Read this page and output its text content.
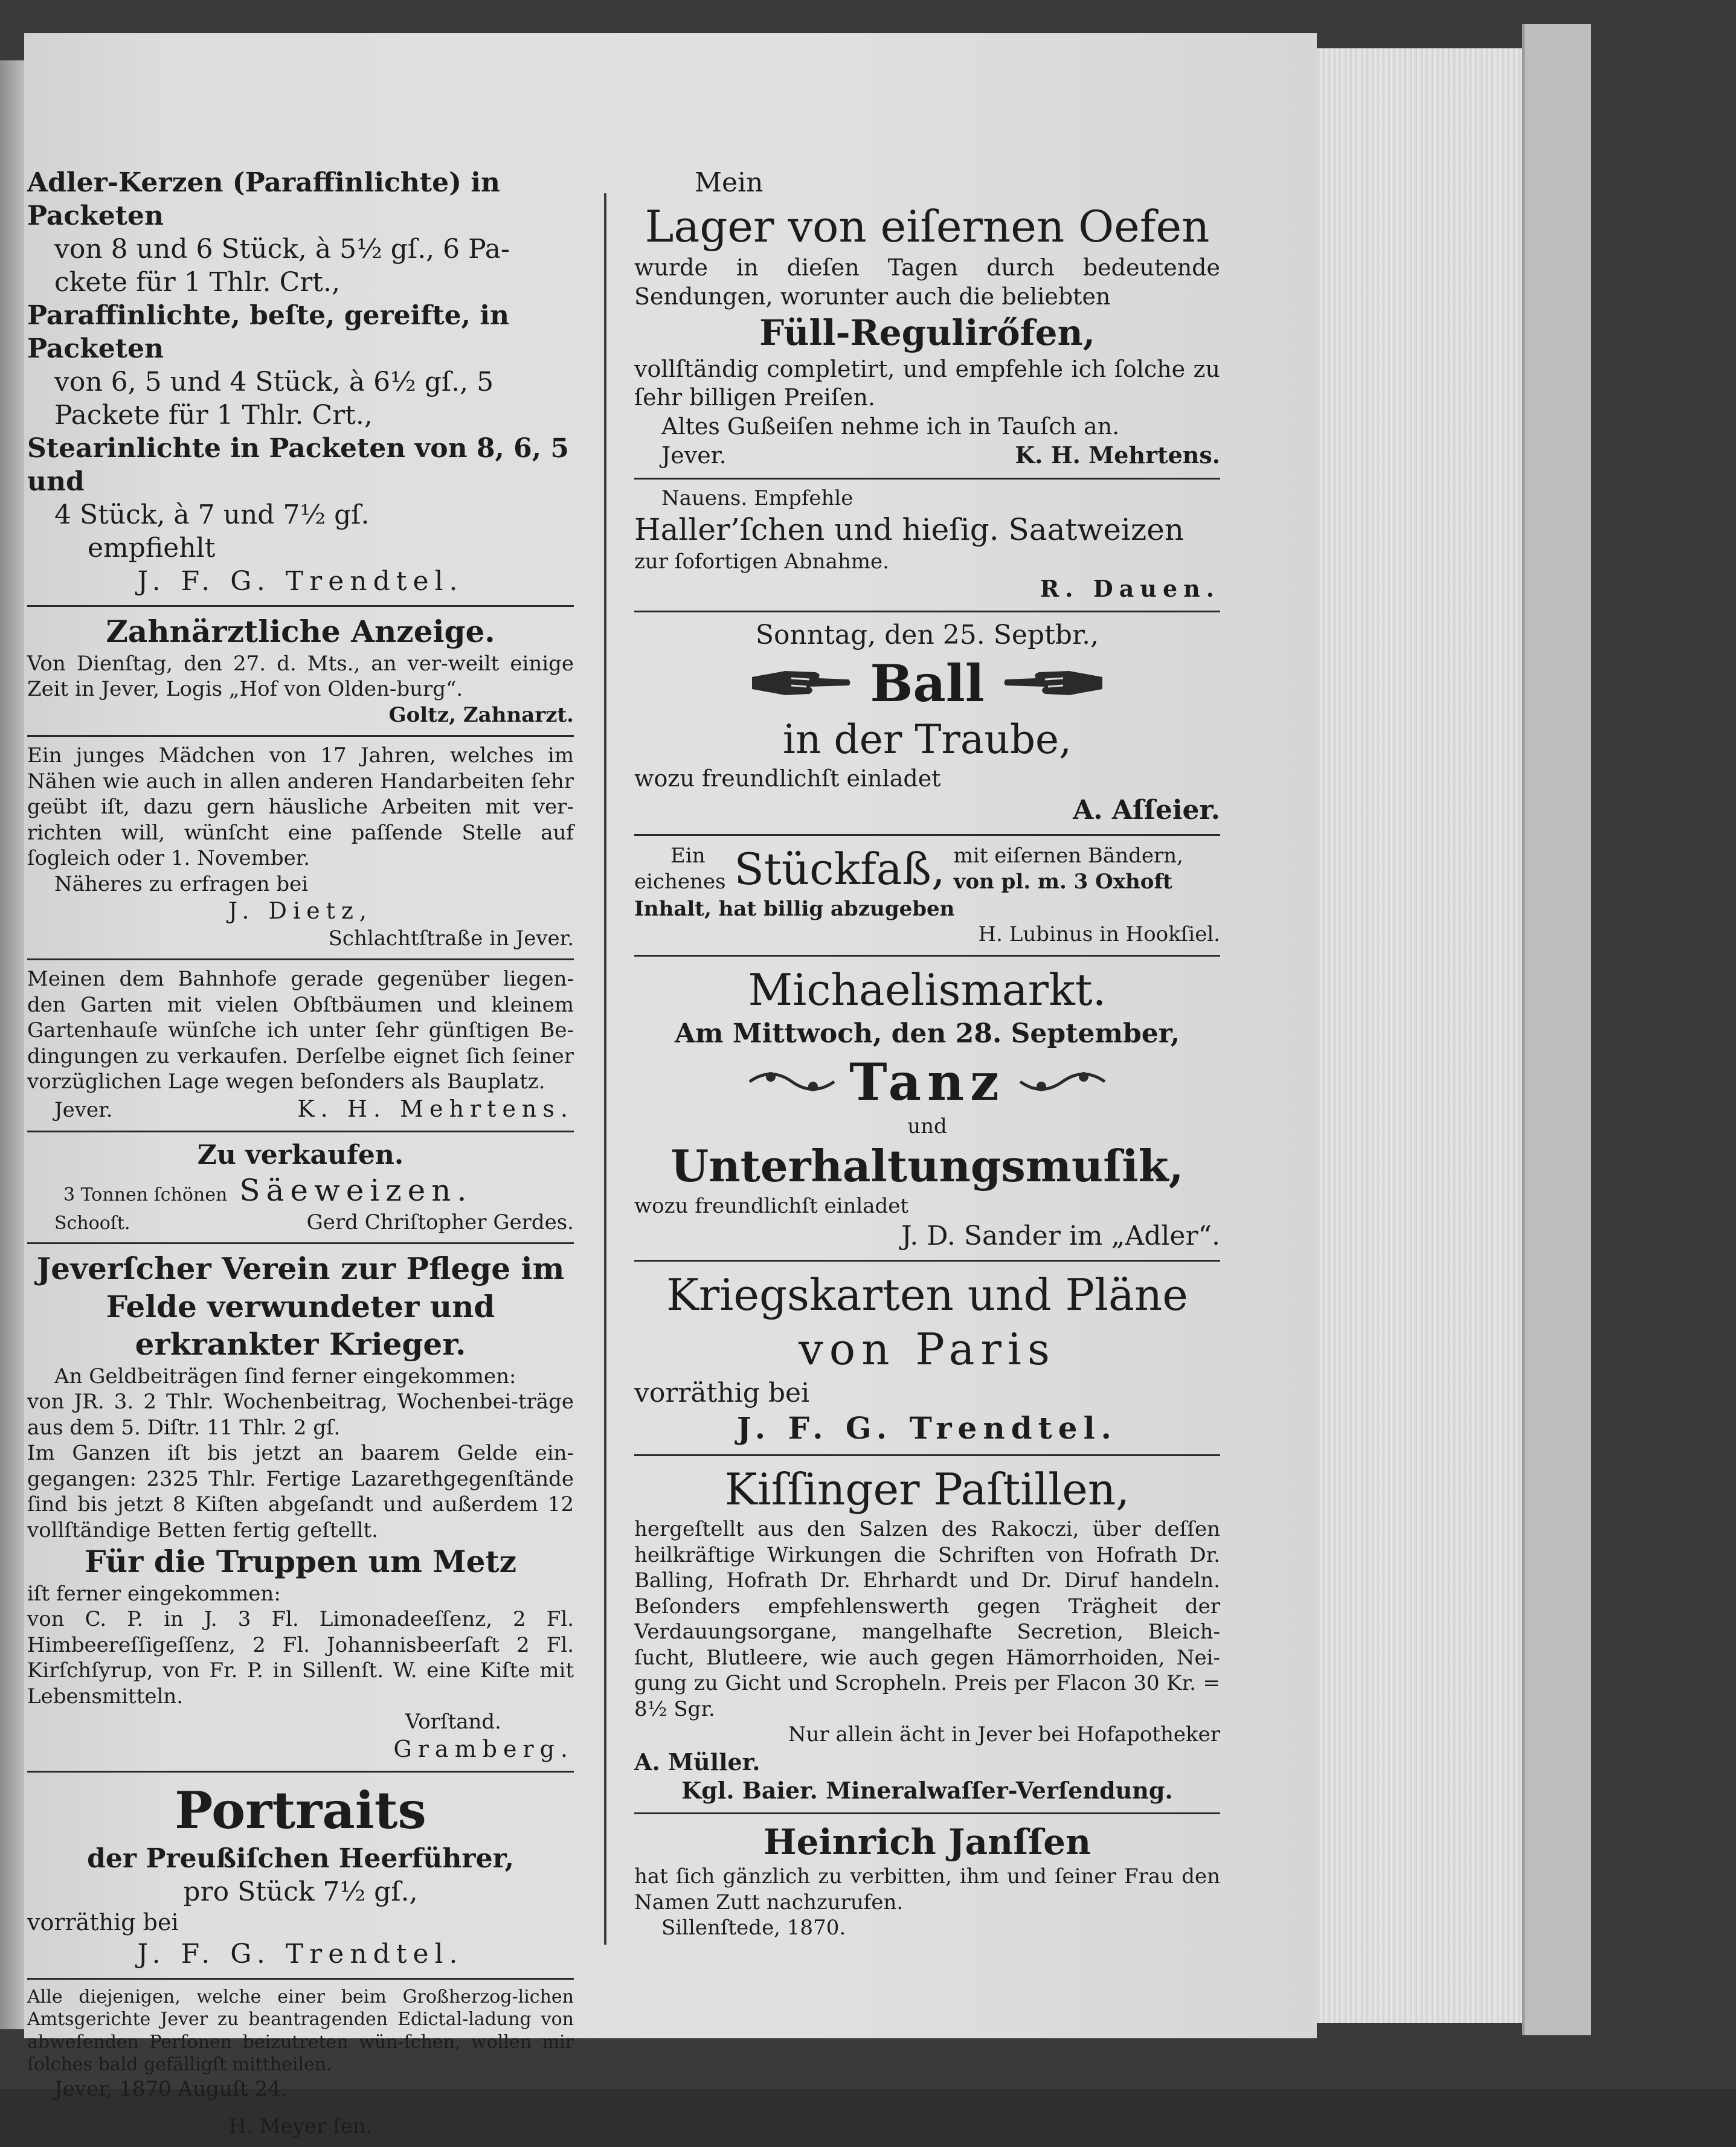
Adler-Kerzen (Paraffinlichte) in Packeten

von 8 und 6 Stück, à 5½ gſ., 6 Pa-

ckete für 1 Thlr. Crt.,

Paraffinlichte, beſte, gereifte, in Packeten

von 6, 5 und 4 Stück, à 6½ gſ., 5

Packete für 1 Thlr. Crt.,

Stearinlichte in Packeten von 8, 6, 5 und

4 Stück, à 7 und 7½ gſ.

empfiehlt

J. F. G. Trendtel.

Zahnärztliche Anzeige.

Von Dienſtag, den 27. d. Mts., an ver-weilt einige Zeit in Jever, Logis „Hof von Olden-burg“.

Goltz, Zahnarzt.

Ein junges Mädchen von 17 Jahren, welches im Nähen wie auch in allen anderen Handarbeiten ſehr geübt iſt, dazu gern häusliche Arbeiten mit ver-richten will, wünſcht eine paſſende Stelle auf ſogleich oder 1. November.

Näheres zu erfragen bei

J. Dietz,

Schlachtſtraße in Jever.

Meinen dem Bahnhofe gerade gegenüber liegen-den Garten mit vielen Obſtbäumen und kleinem Gartenhauſe wünſche ich unter ſehr günſtigen Be-dingungen zu verkaufen. Derſelbe eignet ſich ſeiner vorzüglichen Lage wegen beſonders als Bauplatz.

Jever.	K. H. Mehrtens.

Zu verkaufen.

3 Tonnen ſchönen Säeweizen.

Schooſt.	Gerd Chriſtopher Gerdes.

Jeverſcher Verein zur Pflege im Felde verwundeter und erkrankter Krieger.

An Geldbeiträgen ſind ferner eingekommen:

von JR. 3. 2 Thlr. Wochenbeitrag, Wochenbei-träge aus dem 5. Diſtr. 11 Thlr. 2 gſ.

Im Ganzen iſt bis jetzt an baarem Gelde ein-gegangen: 2325 Thlr. Fertige Lazarethgegenſtände ſind bis jetzt 8 Kiſten abgeſandt und außerdem 12 vollſtändige Betten fertig geſtellt.

Für die Truppen um Metz

iſt ferner eingekommen:

von C. P. in J. 3 Fl. Limonadeeſſenz, 2 Fl. Himbeereſſigeſſenz, 2 Fl. Johannisbeerſaft 2 Fl. Kirſchſyrup, von Fr. P. in Sillenſt. W. eine Kiſte mit Lebensmitteln.

Vorſtand.

Gramberg.

Portraits

der Preußiſchen Heerführer,

pro Stück 7½ gſ.,

vorräthig bei

J. F. G. Trendtel.

Alle diejenigen, welche einer beim Großherzog-lichen Amtsgerichte Jever zu beantragenden Edictal-ladung von abweſenden Perſonen beizutreten wün-ſchen, wollen mir ſolches bald gefälligſt mittheilen.

Jever, 1870 Auguſt 24.

H. Meyer ſen.

Mein

Lager von eiſernen Oefen

wurde in dieſen Tagen durch bedeutende Sendungen, worunter auch die beliebten

Füll-Regulirőfen,

vollſtändig completirt, und empfehle ich ſolche zu ſehr billigen Preiſen.

Altes Gußeiſen nehme ich in Tauſch an.

Jever.	K. H. Mehrtens.

Nauens. Empfehle

Haller’ſchen und hieſig. Saatweizen

zur ſofortigen Abnahme.

R. Dauen.

Sonntag, den 25. Septbr.,

Ball

in der Traube,

wozu freundlichſt einladet

A. Aſſeier.

Ein

eichenes Stückfaß, mit eiſernen Bändern,

von pl. m. 3 Oxhoft

Inhalt, hat billig abzugeben

H. Lubinus in Hookſiel.

Michaelismarkt.

Am Mittwoch, den 28. September,

Tanz

und

Unterhaltungsmuſik,

wozu freundlichſt einladet

J. D. Sander im „Adler“.

Kriegskarten und Pläne

von Paris

vorräthig bei

J. F. G. Trendtel.

Kiſſinger Paſtillen,

hergeſtellt aus den Salzen des Rakoczi, über deſſen heilkräftige Wirkungen die Schriften von Hofrath Dr. Balling, Hofrath Dr. Ehrhardt und Dr. Diruf handeln. Beſonders empfehlenswerth gegen Trägheit der Verdauungsorgane, mangelhafte Secretion, Bleich-ſucht, Blutleere, wie auch gegen Hämorrhoiden, Nei-gung zu Gicht und Scropheln. Preis per Flacon 30 Kr. = 8½ Sgr.

Nur allein ächt in Jever bei Hofapotheker

A. Müller.

Kgl. Baier. Mineralwaſſer-Verſendung.

Heinrich Janſſen

hat ſich gänzlich zu verbitten, ihm und ſeiner Frau den Namen Zutt nachzurufen.

Sillenſtede, 1870.
